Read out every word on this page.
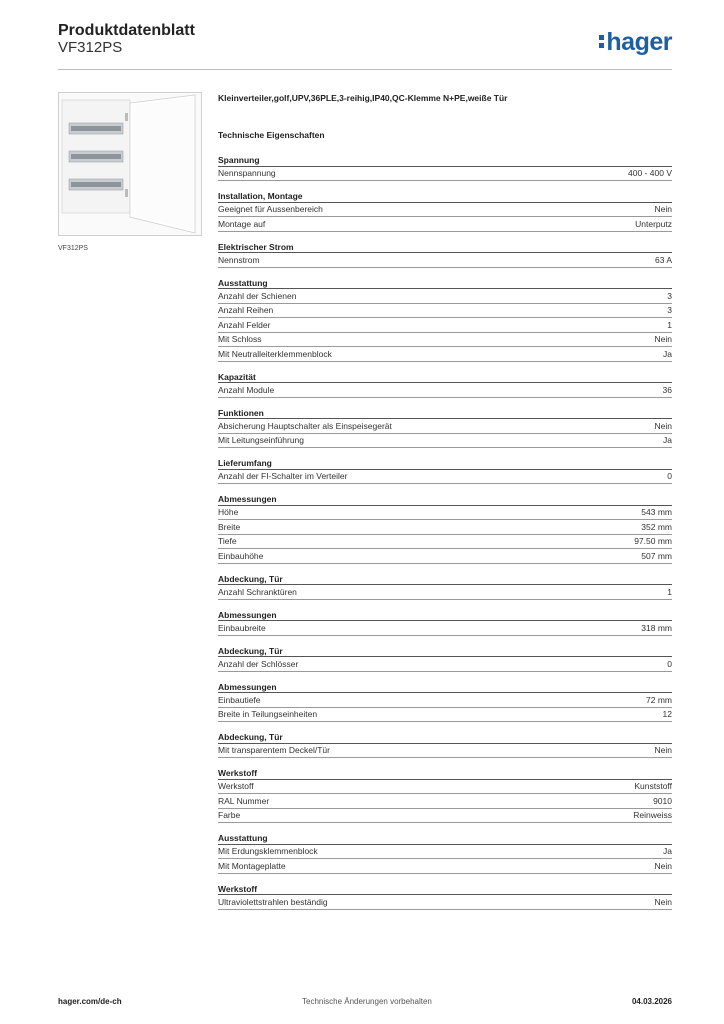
Produktdatenblatt
VF312PS	hager
VF312PS
Kleinverteiler,golf,UPV,36PLE,3-reihig,IP40,QC-Klemme N+PE,weiße Tür
Technische Eigenschaften
Spannung
Nennspannung	400 - 400 V
Installation, Montage
Geeignet für Aussenbereich	Nein
Montage auf	Unterputz
Elektrischer Strom
Nennstrom	63 A
Ausstattung
Anzahl der Schienen	3
Anzahl Reihen	3
Anzahl Felder	1
Mit Schloss	Nein
Mit Neutralleiterklemmenblock	Ja
Kapazität
Anzahl Module	36
Funktionen
Absicherung Hauptschalter als Einspeisegerät	Nein
Mit Leitungseinführung	Ja
Lieferumfang
Anzahl der FI-Schalter im Verteiler	0
Abmessungen
Höhe	543 mm
Breite	352 mm
Tiefe	97.50 mm
Einbauhöhe	507 mm
Abdeckung, Tür
Anzahl Schranktüren	1
Abmessungen
Einbaubreite	318 mm
Abdeckung, Tür
Anzahl der Schlösser	0
Abmessungen
Einbautiefe	72 mm
Breite in Teilungseinheiten	12
Abdeckung, Tür
Mit transparentem Deckel/Tür	Nein
Werkstoff
Werkstoff	Kunststoff
RAL Nummer	9010
Farbe	Reinweiss
Ausstattung
Mit Erdungsklemmenblock	Ja
Mit Montageplatte	Nein
Werkstoff
Ultraviolettstrahlen beständig	Nein
hager.com/de-ch	Technische Änderungen vorbehalten	04.03.2026
